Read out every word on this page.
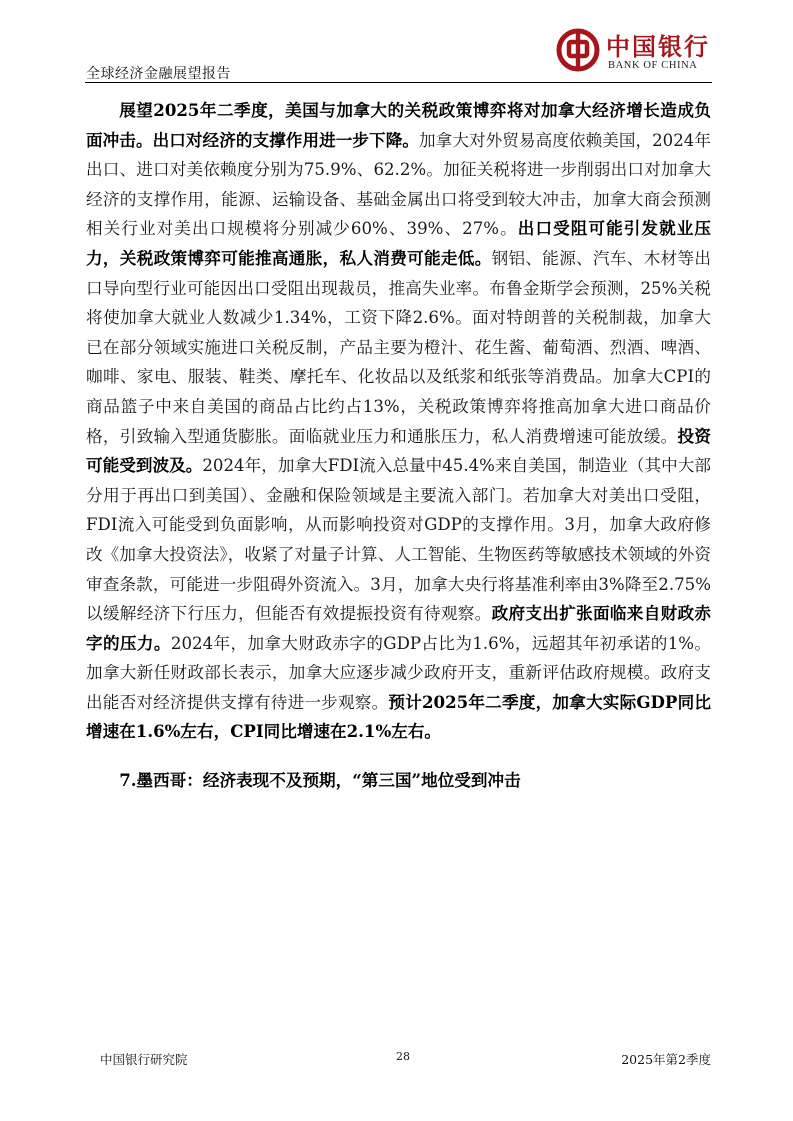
全球经济金融展望报告
中国银行
BANK OF CHINA

展望2025年二季度，美国与加拿大的关税政策博弈将对加拿大经济增长造成负面冲击。出口对经济的支撑作用进一步下降。加拿大对外贸易高度依赖美国，2024年出口、进口对美依赖度分别为75.9%、62.2%。加征关税将进一步削弱出口对加拿大经济的支撑作用，能源、运输设备、基础金属出口将受到较大冲击，加拿大商会预测相关行业对美出口规模将分别减少60%、39%、27%。出口受阻可能引发就业压力，关税政策博弈可能推高通胀，私人消费可能走低。钢铝、能源、汽车、木材等出口导向型行业可能因出口受阻出现裁员，推高失业率。布鲁金斯学会预测，25%关税将使加拿大就业人数减少1.34%，工资下降2.6%。面对特朗普的关税制裁，加拿大已在部分领域实施进口关税反制，产品主要为橙汁、花生酱、葡萄酒、烈酒、啤酒、咖啡、家电、服装、鞋类、摩托车、化妆品以及纸浆和纸张等消费品。加拿大CPI的商品篮子中来自美国的商品占比约占13%，关税政策博弈将推高加拿大进口商品价格，引致输入型通货膨胀。面临就业压力和通胀压力，私人消费增速可能放缓。投资可能受到波及。2024年，加拿大FDI流入总量中45.4%来自美国，制造业（其中大部分用于再出口到美国）、金融和保险领域是主要流入部门。若加拿大对美出口受阻，FDI流入可能受到负面影响，从而影响投资对GDP的支撑作用。3月，加拿大政府修改《加拿大投资法》，收紧了对量子计算、人工智能、生物医药等敏感技术领域的外资审查条款，可能进一步阻碍外资流入。3月，加拿大央行将基准利率由3%降至2.75%以缓解经济下行压力，但能否有效提振投资有待观察。政府支出扩张面临来自财政赤字的压力。2024年，加拿大财政赤字的GDP占比为1.6%，远超其年初承诺的1%。加拿大新任财政部长表示，加拿大应逐步减少政府开支，重新评估政府规模。政府支出能否对经济提供支撑有待进一步观察。预计2025年二季度，加拿大实际GDP同比增速在1.6%左右，CPI同比增速在2.1%左右。

7.墨西哥：经济表现不及预期，“第三国”地位受到冲击

中国银行研究院	28	2025年第2季度
